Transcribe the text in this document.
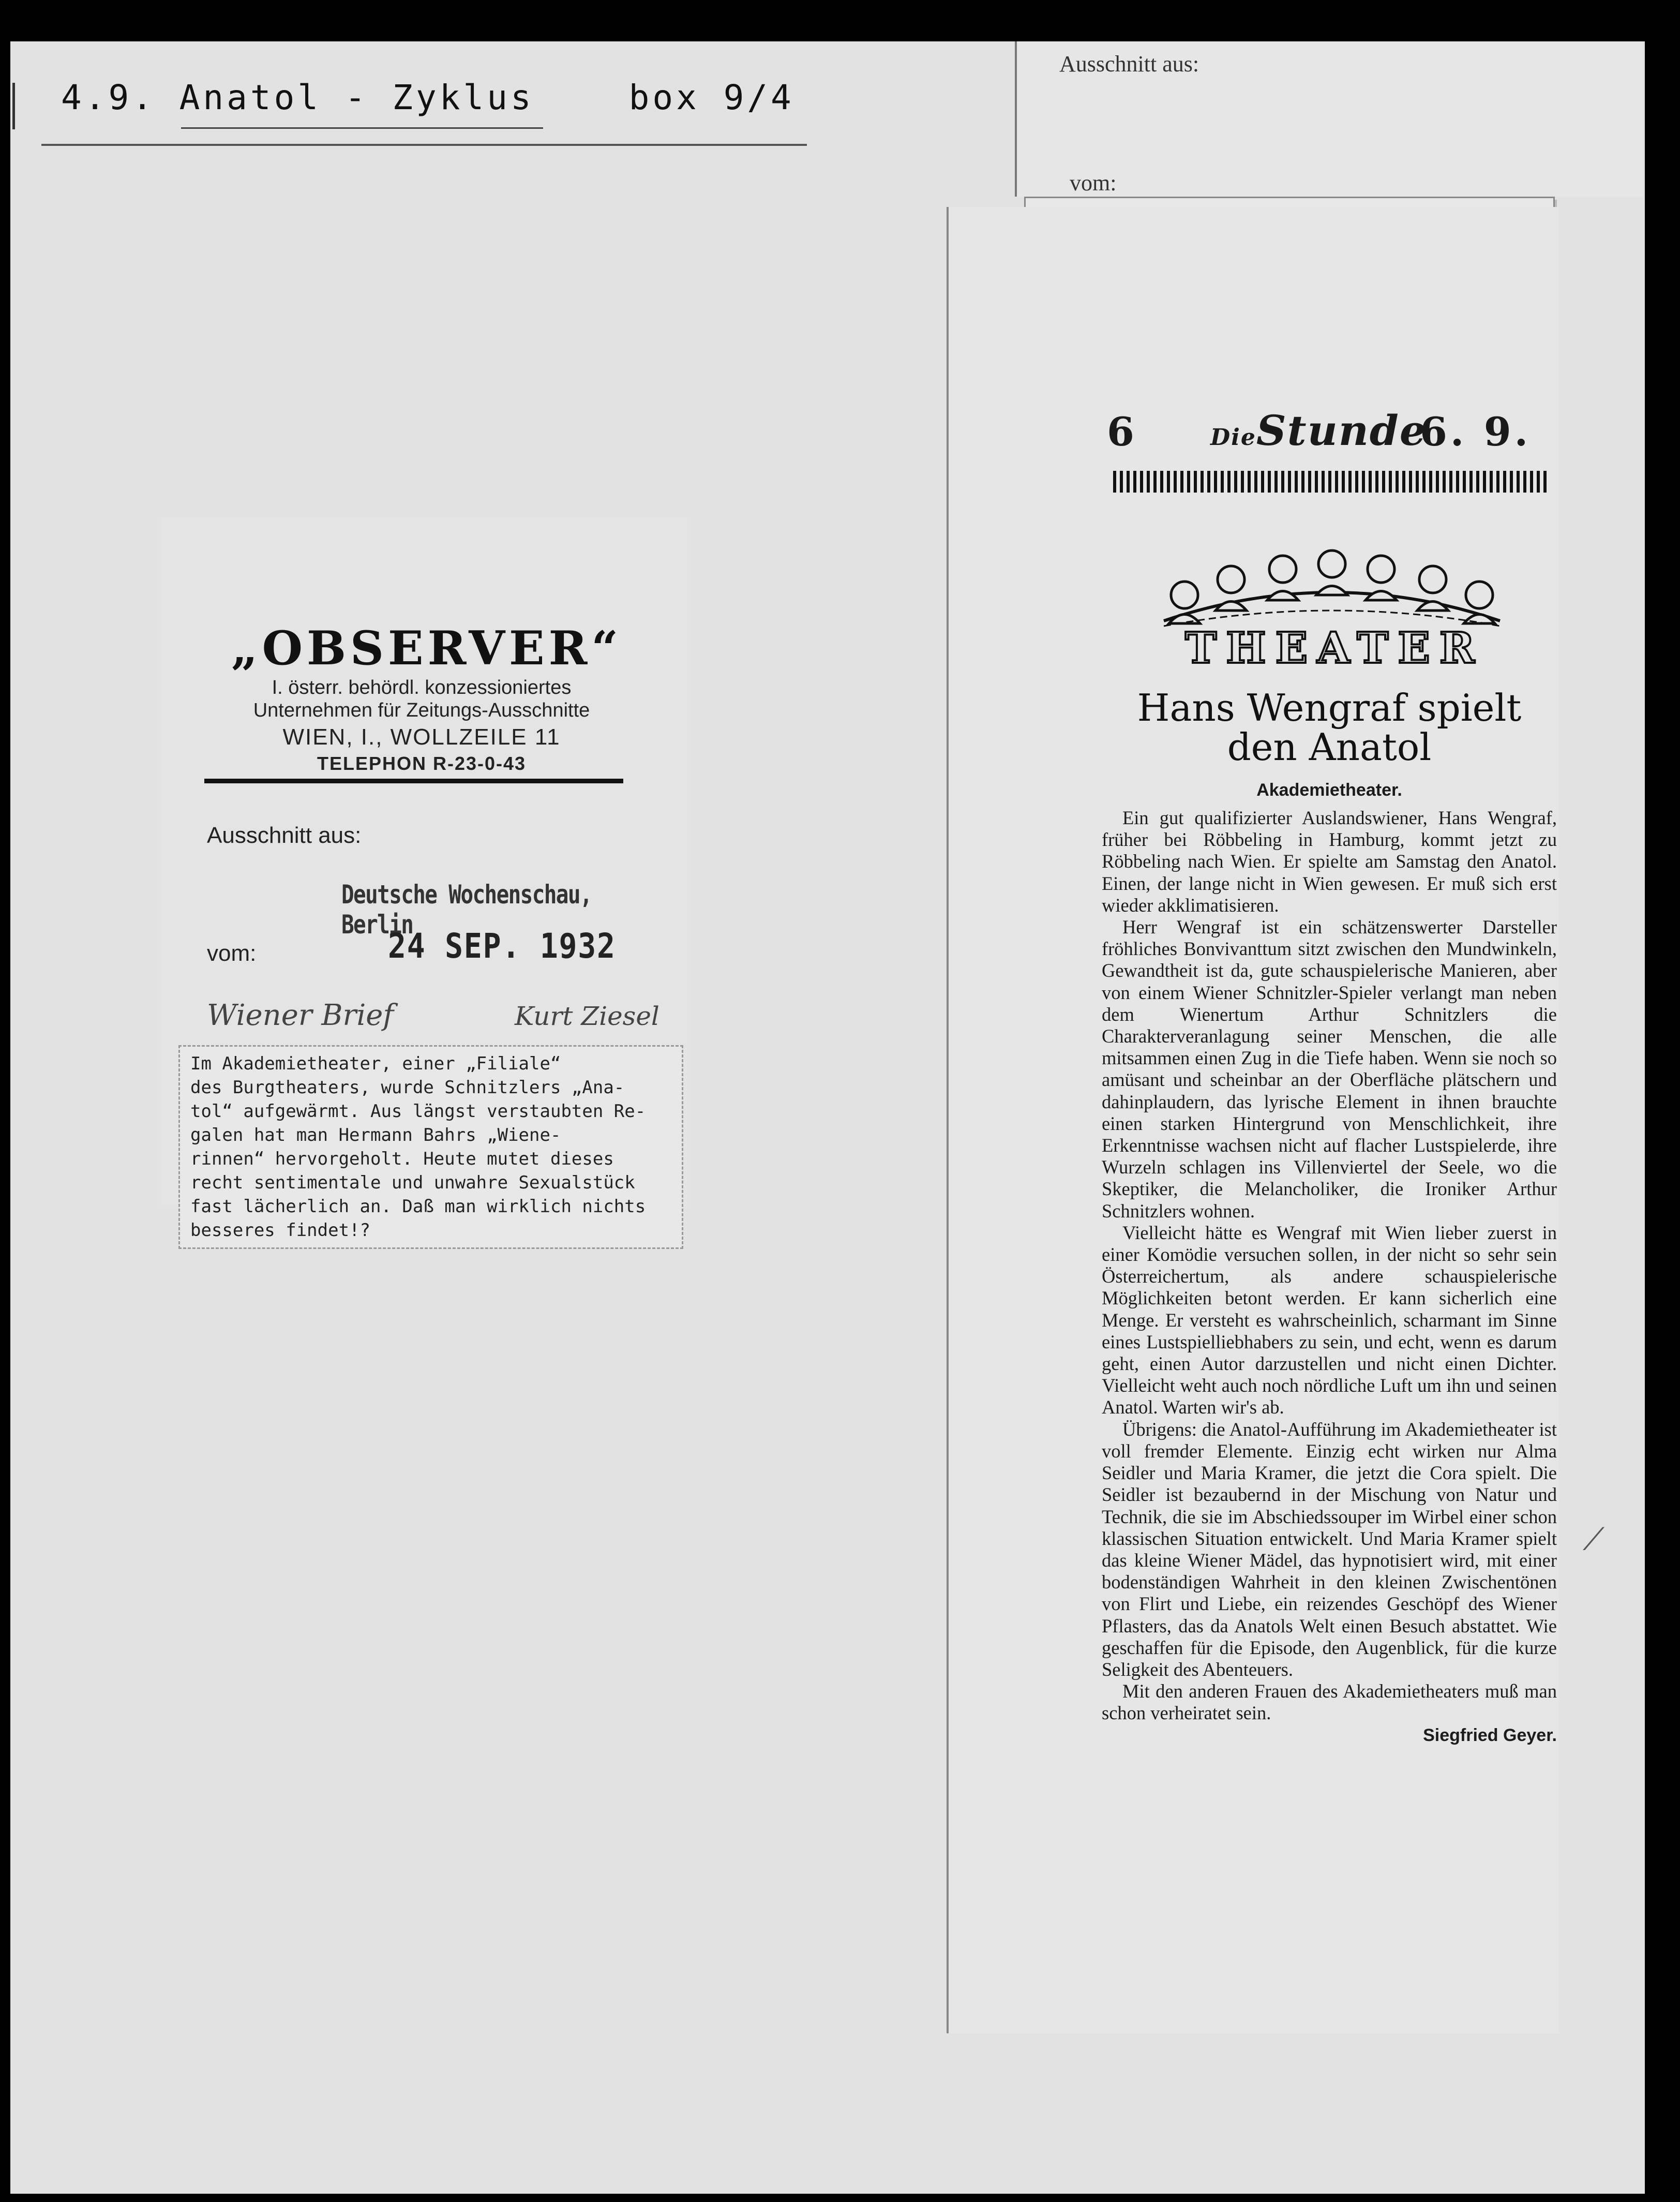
4.9. Anatol - Zyklus    box 9/4
Ausschnitt aus:
vom:
„OBSERVER“
I. österr. behördl. konzessioniertes
Unternehmen für Zeitungs-Ausschnitte
WIEN, I., WOLLZEILE 11
TELEPHON R-23-0-43
Ausschnitt aus:
Deutsche Wochenschau, Berlin
vom:	24 SEP. 1932
Wiener Brief	Kurt Ziesel
Im Akademietheater, einer „Filiale“
des Burgtheaters, wurde Schnitzlers „Ana-
tol“ aufgewärmt. Aus längst verstaubten Re-
galen hat man Hermann Bahrs „Wiene-
rinnen“ hervorgeholt. Heute mutet dieses
recht sentimentale und unwahre Sexualstück
fast lächerlich an. Daß man wirklich nichts
besseres findet!?
6	DieStunde
6. 9.
THEATER
Hans Wengraf spielt den Anatol
Akademietheater.

Ein gut qualifizierter Auslandswiener, Hans Wengraf, früher bei Röbbeling in Hamburg, kommt jetzt zu Röbbeling nach Wien. Er spielte am Samstag den Anatol. Einen, der lange nicht in Wien gewesen. Er muß sich erst wieder akklimatisieren.

Herr Wengraf ist ein schätzenswerter Darsteller fröhliches Bonvivanttum sitzt zwischen den Mundwinkeln, Gewandtheit ist da, gute schauspielerische Manieren, aber von einem Wiener Schnitzler-Spieler verlangt man neben dem Wienertum Arthur Schnitzlers die Charakterveranlagung seiner Menschen, die alle mitsammen einen Zug in die Tiefe haben. Wenn sie noch so amüsant und scheinbar an der Oberfläche plätschern und dahinplaudern, das lyrische Element in ihnen brauchte einen starken Hintergrund von Menschlichkeit, ihre Erkenntnisse wachsen nicht auf flacher Lustspielerde, ihre Wurzeln schlagen ins Villenviertel der Seele, wo die Skeptiker, die Melancholiker, die Ironiker Arthur Schnitzlers wohnen.

Vielleicht hätte es Wengraf mit Wien lieber zuerst in einer Komödie versuchen sollen, in der nicht so sehr sein Österreichertum, als andere schauspielerische Möglichkeiten betont werden. Er kann sicherlich eine Menge. Er versteht es wahrscheinlich, scharmant im Sinne eines Lustspielliebhabers zu sein, und echt, wenn es darum geht, einen Autor darzustellen und nicht einen Dichter. Vielleicht weht auch noch nördliche Luft um ihn und seinen Anatol. Warten wir's ab.

Übrigens: die Anatol-Aufführung im Akademietheater ist voll fremder Elemente. Einzig echt wirken nur Alma Seidler und Maria Kramer, die jetzt die Cora spielt. Die Seidler ist bezaubernd in der Mischung von Natur und Technik, die sie im Abschiedssouper im Wirbel einer schon klassischen Situation entwickelt. Und Maria Kramer spielt das kleine Wiener Mädel, das hypnotisiert wird, mit einer bodenständigen Wahrheit in den kleinen Zwischentönen von Flirt und Liebe, ein reizendes Geschöpf des Wiener Pflasters, das da Anatols Welt einen Besuch abstattet. Wie geschaffen für die Episode, den Augenblick, für die kurze Seligkeit des Abenteuers.

Mit den anderen Frauen des Akademietheaters muß man schon verheiratet sein.

Siegfried Geyer.

⟋
